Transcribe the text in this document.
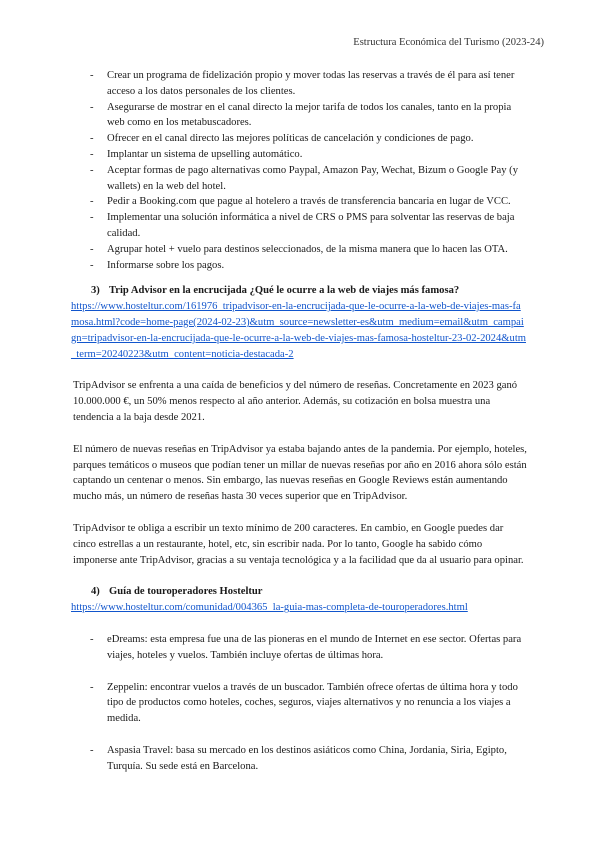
Estructura Económica del Turismo (2023-24)
- Crear un programa de fidelización propio y mover todas las reservas a través de él para así tener acceso a los datos personales de los clientes.
- Asegurarse de mostrar en el canal directo la mejor tarifa de todos los canales, tanto en la propia web como en los metabuscadores.
- Ofrecer en el canal directo las mejores políticas de cancelación y condiciones de pago.
- Implantar un sistema de upselling automático.
- Aceptar formas de pago alternativas como Paypal, Amazon Pay, Wechat, Bizum o Google Pay (y wallets) en la web del hotel.
- Pedir a Booking.com que pague al hotelero a través de transferencia bancaria en lugar de VCC.
- Implementar una solución informática a nivel de CRS o PMS para solventar las reservas de baja calidad.
- Agrupar hotel + vuelo para destinos seleccionados, de la misma manera que lo hacen las OTA.
- Informarse sobre los pagos.
3) Trip Advisor en la encrucijada ¿Qué le ocurre a la web de viajes más famosa?
https://www.hosteltur.com/161976_tripadvisor-en-la-encrucijada-que-le-ocurre-a-la-web-de-viajes-mas-famosa.html?code=home-page(2024-02-23)&utm_source=newsletter-es&utm_medium=email&utm_campaign=tripadvisor-en-la-encrucijada-que-le-ocurre-a-la-web-de-viajes-mas-famosa-hosteltur-23-02-2024&utm_term=20240223&utm_content=noticia-destacada-2

TripAdvisor se enfrenta a una caída de beneficios y del número de reseñas. Concretamente en 2023 ganó 10.000.000 €, un 50% menos respecto al año anterior. Además, su cotización en bolsa muestra una tendencia a la baja desde 2021.

El número de nuevas reseñas en TripAdvisor ya estaba bajando antes de la pandemia. Por ejemplo, hoteles, parques temáticos o museos que podían tener un millar de nuevas reseñas por año en 2016 ahora sólo están captando un centenar o menos. Sin embargo, las nuevas reseñas en Google Reviews están aumentando mucho más, un número de reseñas hasta 30 veces superior que en TripAdvisor.

TripAdvisor te obliga a escribir un texto mínimo de 200 caracteres. En cambio, en Google puedes dar cinco estrellas a un restaurante, hotel, etc, sin escribir nada. Por lo tanto, Google ha sabido cómo imponerse ante TripAdvisor, gracias a su ventaja tecnológica y a la facilidad que da al usuario para opinar.

4) Guía de touroperadores Hosteltur
https://www.hosteltur.com/comunidad/004365_la-guia-mas-completa-de-touroperadores.html
- eDreams: esta empresa fue una de las pioneras en el mundo de Internet en ese sector. Ofertas para viajes, hoteles y vuelos. También incluye ofertas de últimas hora.
- Zeppelin: encontrar vuelos a través de un buscador. También ofrece ofertas de última hora y todo tipo de productos como hoteles, coches, seguros, viajes alternativos y no renuncia a los viajes a medida.
- Aspasia Travel: basa su mercado en los destinos asiáticos como China, Jordania, Siria, Egipto, Turquía. Su sede está en Barcelona.
